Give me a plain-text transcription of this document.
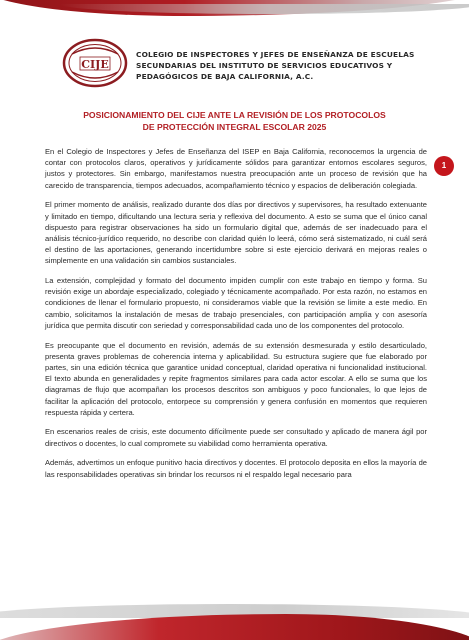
CIJE
COLEGIO DE INSPECTORES Y JEFES DE ENSEÑANZA DE ESCUELAS SECUNDARIAS DEL INSTITUTO DE SERVICIOS EDUCATIVOS Y PEDAGÓGICOS DE BAJA CALIFORNIA, A.C.
POSICIONAMIENTO DEL CIJE ANTE LA REVISIÓN DE LOS PROTOCOLOS
DE PROTECCIÓN INTEGRAL ESCOLAR 2025
1

En el Colegio de Inspectores y Jefes de Enseñanza del ISEP en Baja California, reconocemos la urgencia de contar con protocolos claros, operativos y jurídicamente sólidos para garantizar entornos escolares seguros, justos y protectores. Sin embargo, manifestamos nuestra preocupación ante un proceso de revisión que ha carecido de transparencia, tiempos adecuados, acompañamiento técnico y espacios de deliberación colegiada.

El primer momento de análisis, realizado durante dos días por directivos y supervisores, ha resultado extenuante y limitado en tiempo, dificultando una lectura seria y reflexiva del documento. A esto se suma que el único canal dispuesto para registrar observaciones ha sido un formulario digital que, además de ser inadecuado para el análisis técnico-jurídico requerido, no describe con claridad quién lo leerá, cómo será sistematizado, ni cuál será el destino de las aportaciones, generando incertidumbre sobre si este ejercicio derivará en mejoras reales o simplemente en una validación sin cambios sustanciales.

La extensión, complejidad y formato del documento impiden cumplir con este trabajo en tiempo y forma. Su revisión exige un abordaje especializado, colegiado y técnicamente acompañado. Por esta razón, no estamos en condiciones de llenar el formulario propuesto, ni consideramos viable que la revisión se limite a este medio. En cambio, solicitamos la instalación de mesas de trabajo presenciales, con participación amplia y con asesoría jurídica que permita discutir con seriedad y corresponsabilidad cada uno de los componentes del protocolo.

Es preocupante que el documento en revisión, además de su extensión desmesurada y estilo desarticulado, presenta graves problemas de coherencia interna y aplicabilidad. Su estructura sugiere que fue elaborado por partes, sin una edición técnica que garantice unidad conceptual, claridad operativa ni funcionalidad institucional. El texto abunda en generalidades y repite fragmentos similares para cada actor escolar. A ello se suma que los diagramas de flujo que acompañan los procesos descritos son ambiguos y poco funcionales, lo que lejos de facilitar la aplicación del protocolo, entorpece su comprensión y genera confusión en momentos que requieren respuesta rápida y certera.

En escenarios reales de crisis, este documento difícilmente puede ser consultado y aplicado de manera ágil por directivos o docentes, lo cual compromete su viabilidad como herramienta operativa.

Además, advertimos un enfoque punitivo hacia directivos y docentes. El protocolo deposita en ellos la mayoría de las responsabilidades operativas sin brindar los recursos ni el respaldo legal necesario para
